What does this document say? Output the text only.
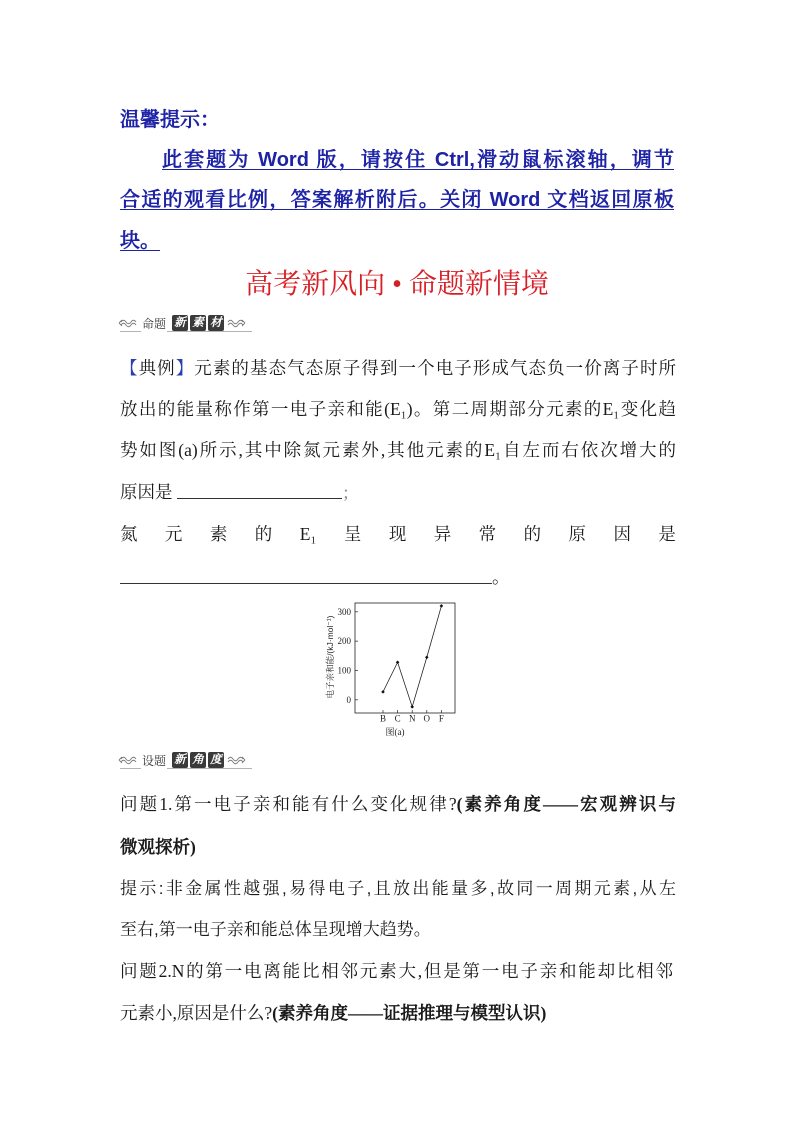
温馨提示：
此套题为 Word 版，请按住 Ctrl,滑动鼠标滚轴，调节
合适的观看比例，答案解析附后。关闭 Word 文档返回原板
块。
高考新风向 • 命题新情境
命题 新 素 材
【典例】元素的基态气态原子得到一个电子形成气态负一价离子时所
放出的能量称作第一电子亲和能(E₁)。第二周期部分元素的E₁变化趋
势如图(a)所示,其中除氮元素外,其他元素的E₁自左而右依次增大的
原因是	;
氮 元 素 的 E₁ 呈 现 异 常 的 原 因 是
。
电子亲和能/(kJ·mol⁻¹)
图(a)
0
100
200
300
B C N O F
设题 新 角 度
问题1.第一电子亲和能有什么变化规律?(素养角度——宏观辨识与
微观探析)
提示:非金属性越强,易得电子,且放出能量多,故同一周期元素,从左
至右,第一电子亲和能总体呈现增大趋势。
问题2.N的第一电离能比相邻元素大,但是第一电子亲和能却比相邻
元素小,原因是什么?(素养角度——证据推理与模型认识)
